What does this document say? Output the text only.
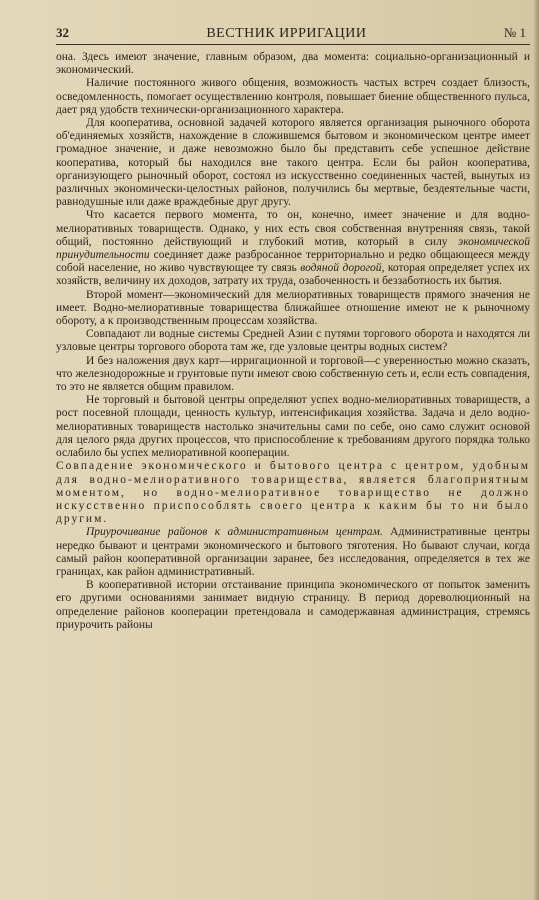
32	ВЕСТНИК ИРРИГАЦИИ	№ 1

она. Здесь имеют значение, главным образом, два момента: социально-организационный и экономический.

Наличие постоянного живого общения, возможность частых встреч создает близость, осведомленность, помогает осуществлению контроля, повышает биение общественного пульса, дает ряд удобств технически-организационного характера.

Для кооператива, основной задачей которого является организация рыночного оборота об'единяемых хозяйств, нахождение в сложившемся бытовом и экономическом центре имеет громадное значение, и даже невозможно было бы представить себе успешное действие кооператива, который бы находился вне такого центра. Если бы район кооператива, организующего рыночный оборот, состоял из искусственно соединенных частей, вынутых из различных экономически-целостных районов, получились бы мертвые, бездеятельные части, равнодушные или даже враждебные друг другу.

Что касается первого момента, то он, конечно, имеет значение и для водно-мелиоративных товариществ. Однако, у них есть своя собственная внутренняя связь, такой общий, постоянно действующий и глубокий мотив, который в силу экономической принудительности соединяет даже разбросанное территориально и редко общающееся между собой население, но живо чувствующее ту связь водяной дорогой, которая определяет успех их хозяйств, величину их доходов, затрату их труда, озабоченность и беззаботность их бытия.

Второй момент—экономический для мелиоративных товариществ прямого значения не имеет. Водно-мелиоративные товарищества ближайшее отношение имеют не к рыночному обороту, а к производственным процессам хозяйства.

Совпадают ли водные системы Средней Азии с путями торгового оборота и находятся ли узловые центры торгового оборота там же, где узловые центры водных систем?

И без наложения двух карт—ирригационной и торговой—с уверенностью можно сказать, что железнодорожные и грунтовые пути имеют свою собственную сеть и, если есть совпадения, то это не является общим правилом.

Не торговый и бытовой центры определяют успех водно-мелиоративных товариществ, а рост посевной площади, ценность культур, интенсификация хозяйства. Задача и дело водно-мелиоративных товариществ настолько значительны сами по себе, оно само служит основой для целого ряда других процессов, что приспособление к требованиям другого порядка только ослабило бы успех мелиоративной кооперации.

Совпадение экономического и бытового центра с центром, удобным для водно-мелиоративного товарищества, является благоприятным моментом, но водно-мелиоративное товарищество не должно искусственно приспособлять своего центра к каким бы то ни было другим.

Приурочивание районов к административным центрам. Административные центры нередко бывают и центрами экономического и бытового тяготения. Но бывают случаи, когда самый район кооперативной организации заранее, без исследования, определяется в тех же границах, как район административный.

В кооперативной истории отстаивание принципа экономического от попыток заменить его другими основаниями занимает видную страницу. В период дореволюционный на определение районов кооперации претендовала и самодержавная администрация, стремясь приурочить районы
